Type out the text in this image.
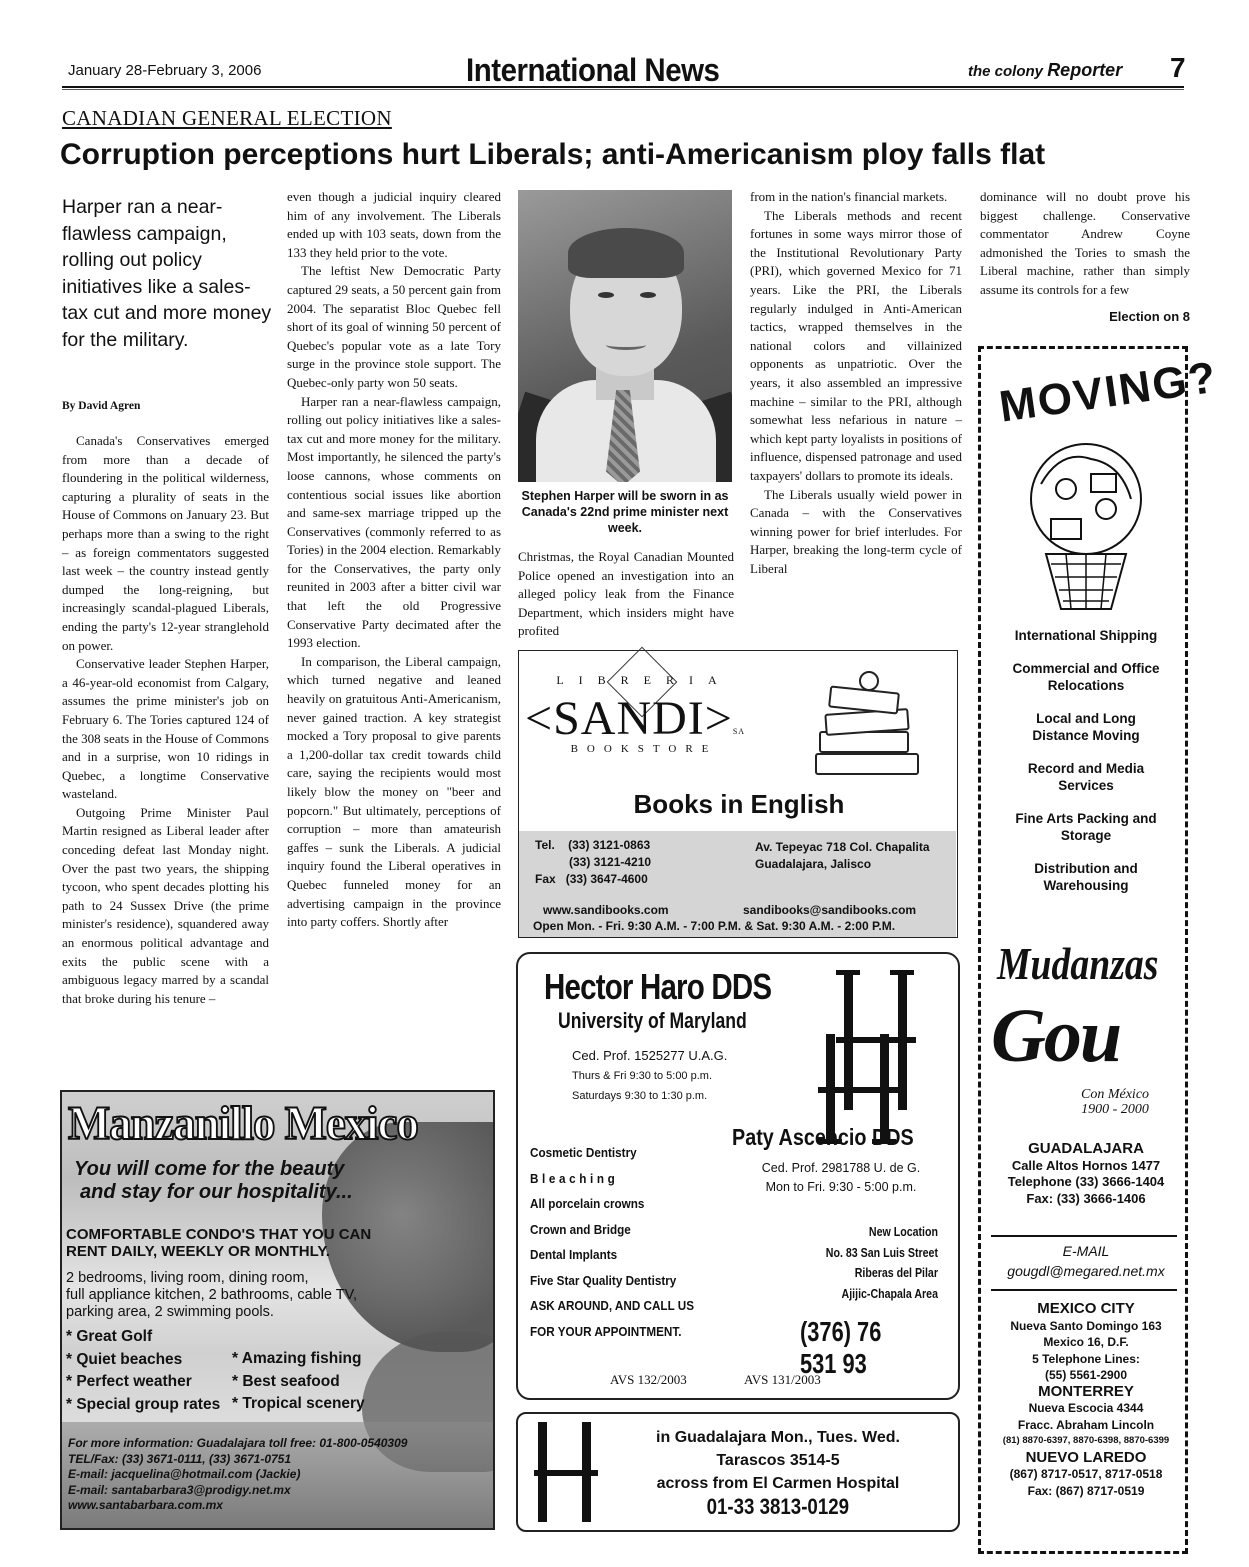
January 28-February 3, 2006	International News	the colony Reporter 7
CANADIAN GENERAL ELECTION
Corruption perceptions hurt Liberals; anti-Americanism ploy falls flat
Harper ran a near-flawless campaign, rolling out policy initiatives like a sales-tax cut and more money for the military.
By David Agren

Canada's Conservatives emerged from more than a decade of floundering in the political wilderness, capturing a plurality of seats in the House of Commons on January 23. But perhaps more than a swing to the right – as foreign commentators suggested last week – the country instead gently dumped the long-reigning, but increasingly scandal-plagued Liberals, ending the party's 12-year stranglehold on power.

Conservative leader Stephen Harper, a 46-year-old economist from Calgary, assumes the prime minister's job on February 6. The Tories captured 124 of the 308 seats in the House of Commons and in a surprise, won 10 ridings in Quebec, a longtime Conservative wasteland.

Outgoing Prime Minister Paul Martin resigned as Liberal leader after conceding defeat last Monday night. Over the past two years, the shipping tycoon, who spent decades plotting his path to 24 Sussex Drive (the prime minister's residence), squandered away an enormous political advantage and exits the public scene with a ambiguous legacy marred by a scandal that broke during his tenure –

even though a judicial inquiry cleared him of any involvement. The Liberals ended up with 103 seats, down from the 133 they held prior to the vote.

The leftist New Democratic Party captured 29 seats, a 50 percent gain from 2004. The separatist Bloc Quebec fell short of its goal of winning 50 percent of Quebec's popular vote as a late Tory surge in the province stole support. The Quebec-only party won 50 seats.

Harper ran a near-flawless campaign, rolling out policy initiatives like a sales-tax cut and more money for the military. Most importantly, he silenced the party's loose cannons, whose comments on contentious social issues like abortion and same-sex marriage tripped up the Conservatives (commonly referred to as Tories) in the 2004 election. Remarkably for the Conservatives, the party only reunited in 2003 after a bitter civil war that left the old Progressive Conservative Party decimated after the 1993 election.

In comparison, the Liberal campaign, which turned negative and leaned heavily on gratuitous Anti-Americanism, never gained traction. A key strategist mocked a Tory proposal to give parents a 1,200-dollar tax credit towards child care, saying the recipients would most likely blow the money on "beer and popcorn." But ultimately, perceptions of corruption – more than amateurish gaffes – sunk the Liberals. A judicial inquiry found the Liberal operatives in Quebec funneled money for an advertising campaign in the province into party coffers. Shortly after

Stephen Harper will be sworn in as Canada's 22nd prime minister next week.

Christmas, the Royal Canadian Mounted Police opened an investigation into an alleged policy leak from the Finance Department, which insiders might have profited

from in the nation's financial markets.

The Liberals methods and recent fortunes in some ways mirror those of the Institutional Revolutionary Party (PRI), which governed Mexico for 71 years. Like the PRI, the Liberals regularly indulged in Anti-American tactics, wrapped themselves in the national colors and villainized opponents as unpatriotic. Over the years, it also assembled an impressive machine – similar to the PRI, although somewhat less nefarious in nature – which kept party loyalists in positions of influence, dispensed patronage and used taxpayers' dollars to promote its ideals.

The Liberals usually wield power in Canada – with the Conservatives winning power for brief interludes. For Harper, breaking the long-term cycle of Liberal

dominance will no doubt prove his biggest challenge. Conservative commentator Andrew Coyne admonished the Tories to smash the Liberal machine, rather than simply assume its controls for a few

Election on 8
LIBRERIA
<SANDI>SA
BOOKSTORE
Books in English
Tel. (33) 3121-0863
(33) 3121-4210
Fax (33) 3647-4600
Av. Tepeyac 718 Col. Chapalita
Guadalajara, Jalisco
www.sandibooks.com	sandibooks@sandibooks.com
Open Mon. - Fri. 9:30 A.M. - 7:00 P.M. & Sat. 9:30 A.M. - 2:00 P.M.
Hector Haro DDS
University of Maryland
Ced. Prof. 1525277 U.A.G.
Thurs & Fri 9:30 to 5:00 p.m.
Saturdays 9:30 to 1:30 p.m.
Cosmetic Dentistry
Bleaching
All porcelain crowns
Crown and Bridge
Dental Implants
Five Star Quality Dentistry
ASK AROUND, AND CALL US
FOR YOUR APPOINTMENT.
Paty Ascencio DDS
Ced. Prof. 2981788 U. de G.
Mon to Fri. 9:30 - 5:00 p.m.
New Location
No. 83 San Luis Street
Riberas del Pilar
Ajijic-Chapala Area
(376) 76 531 93
AVS 132/2003	AVS 131/2003
in Guadalajara Mon., Tues. Wed.
Tarascos 3514-5
across from El Carmen Hospital
01-33 3813-0129
Manzanillo Mexico
You will come for the beauty
and stay for our hospitality...
COMFORTABLE CONDO'S THAT YOU CAN
RENT DAILY, WEEKLY OR MONTHLY.
2 bedrooms, living room, dining room,
full appliance kitchen, 2 bathrooms, cable TV,
parking area, 2 swimming pools.
* Great Golf
* Quiet beaches
* Perfect weather
* Special group rates
* Amazing fishing
* Best seafood
* Tropical scenery
For more information: Guadalajara toll free: 01-800-0540309
TEL/Fax: (33) 3671-0111, (33) 3671-0751
E-mail: jacquelina@hotmail.com (Jackie)
E-mail: santabarbara3@prodigy.net.mx
www.santabarbara.com.mx
MOVING?
International Shipping
Commercial and Office Relocations
Local and Long Distance Moving
Record and Media Services
Fine Arts Packing and Storage
Distribution and Warehousing
Mudanzas
Gou
Con México
1900 - 2000
GUADALAJARA
Calle Altos Hornos 1477
Telephone (33) 3666-1404
Fax: (33) 3666-1406
E-MAIL
gougdl@megared.net.mx
MEXICO CITY
Nueva Santo Domingo 163
Mexico 16, D.F.
5 Telephone Lines:
(55) 5561-2900
MONTERREY
Nueva Escocia 4344
Fracc. Abraham Lincoln
(81) 8870-6397, 8870-6398, 8870-6399
NUEVO LAREDO
(867) 8717-0517, 8717-0518
Fax: (867) 8717-0519
